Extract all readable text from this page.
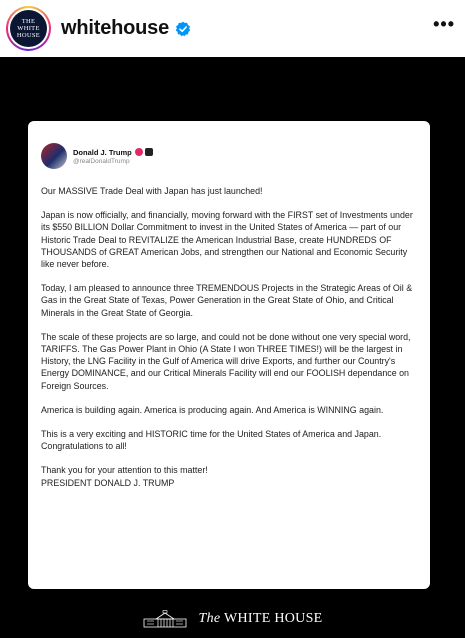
THE
WHITE
HOUSE whitehouse	•••
Donald J. Trump
@realDonaldTrump

Our MASSIVE Trade Deal with Japan has just launched!

Japan is now officially, and financially, moving forward with the FIRST set of Investments under its $550 BILLION Dollar Commitment to invest in the United States of America — part of our Historic Trade Deal to REVITALIZE the American Industrial Base, create HUNDREDS OF THOUSANDS of GREAT American Jobs, and strengthen our National and Economic Security like never before.

Today, I am pleased to announce three TREMENDOUS Projects in the Strategic Areas of Oil & Gas in the Great State of Texas, Power Generation in the Great State of Ohio, and Critical Minerals in the Great State of Georgia.

The scale of these projects are so large, and could not be done without one very special word, TARIFFS. The Gas Power Plant in Ohio (A State I won THREE TIMES!) will be the largest in History, the LNG Facility in the Gulf of America will drive Exports, and further our Country's Energy DOMINANCE, and our Critical Minerals Facility will end our FOOLISH dependance on Foreign Sources.

America is building again. America is producing again. And America is WINNING again.

This is a very exciting and HISTORIC time for the United States of America and Japan. Congratulations to all!

Thank you for your attention to this matter!

PRESIDENT DONALD J. TRUMP

The WHITE HOUSE
